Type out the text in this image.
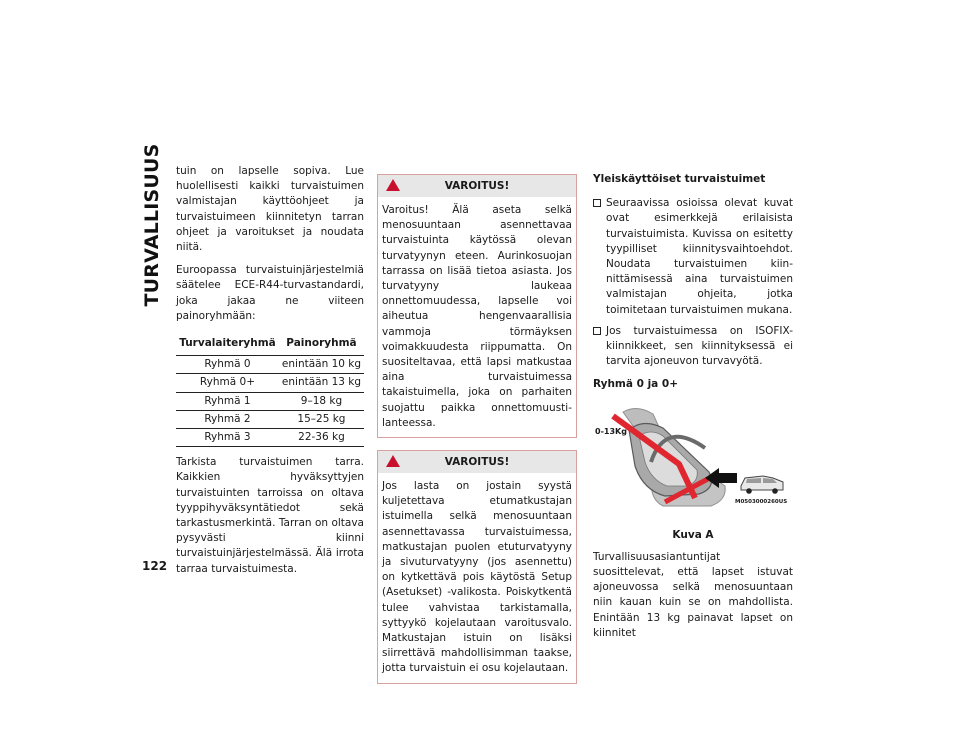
TURVALLISUUS
122

tuin on lapselle sopiva. Lue huolellisesti kaikki turvaistuimen valmistajan käyttöohjeet ja turvaistuimeen kiinnitetyn tarran ohjeet ja varoitukset ja noudata niitä.

Euroopassa turvaistuinjärjestelmiä säätelee ECE-R44-turvastandardi, joka jakaa ne viiteen painoryhmään:

Turvalaiteryhmä	Painoryhmä
Ryhmä 0	enintään 10 kg
Ryhmä 0+	enintään 13 kg
Ryhmä 1	9–18 kg
Ryhmä 2	15–25 kg
Ryhmä 3	22-36 kg

Tarkista turvaistuimen tarra. Kaikkien hyväksyttyjen turvaistuinten tarroissa on oltava tyyppihyväksyntätiedot sekä tarkastusmerkintä. Tarran on oltava pysyvästi kiinni turvaistuinjärjestelmässä. Älä irrota tarraa turvaistuimesta.

VAROITUS!

Varoitus! Älä aseta selkä menosuuntaan asennettavaa turvaistuinta käytössä olevan turvatyynyn eteen. Aurinkosuojan tarrassa on lisää tietoa asiasta. Jos turvatyyny laukeaa onnettomuudessa, lapselle voi aiheutua hengenvaarallisia vammoja törmäyksen voimakkuudesta riippumatta. On suositeltavaa, että lapsi matkustaa aina turvaistuimessa takaistuimella, joka on parhaiten suojattu paikka onnettomuustilanteessa.

VAROITUS!

Jos lasta on jostain syystä kuljetettava etumatkustajan istuimella selkä menosuuntaan asennettavassa turvaistuimessa, matkustajan puolen etuturvatyyny ja sivuturvatyyny (jos asennettu) on kytkettävä pois käytöstä Setup (Asetukset) -valikosta. Poiskytkentä tulee vahvistaa tarkistamalla, syttyykö kojelautaan varoitusvalo. Matkustajan istuin on lisäksi siirrettävä mahdollisimman taakse, jotta turvaistuin ei osu kojelautaan.

Yleiskäyttöiset turvaistuimet
Seuraavissa osioissa olevat kuvat ovat esimerkkejä erilaisista turvaistuimista. Kuvissa on esitetty tyypilliset kiinnitysvaihtoehdot. Noudata turvaistuimen kiinnittämisessä aina turvaistuimen valmistajan ohjeita, jotka toimitetaan turvaistuimen mukana.
Jos turvaistuimessa on ISOFIX-kiinnikkeet, sen kiinnityksessä ei tarvita ajoneuvon turvavyötä.
Ryhmä 0 ja 0+
0-13Kg
M0503000260US
Kuva A

Turvallisuusasiantuntijat suosittelevat, että lapset istuvat ajoneuvossa selkä menosuuntaan niin kauan kuin se on mahdollista. Enintään 13 kg painavat lapset on kiinnitet
